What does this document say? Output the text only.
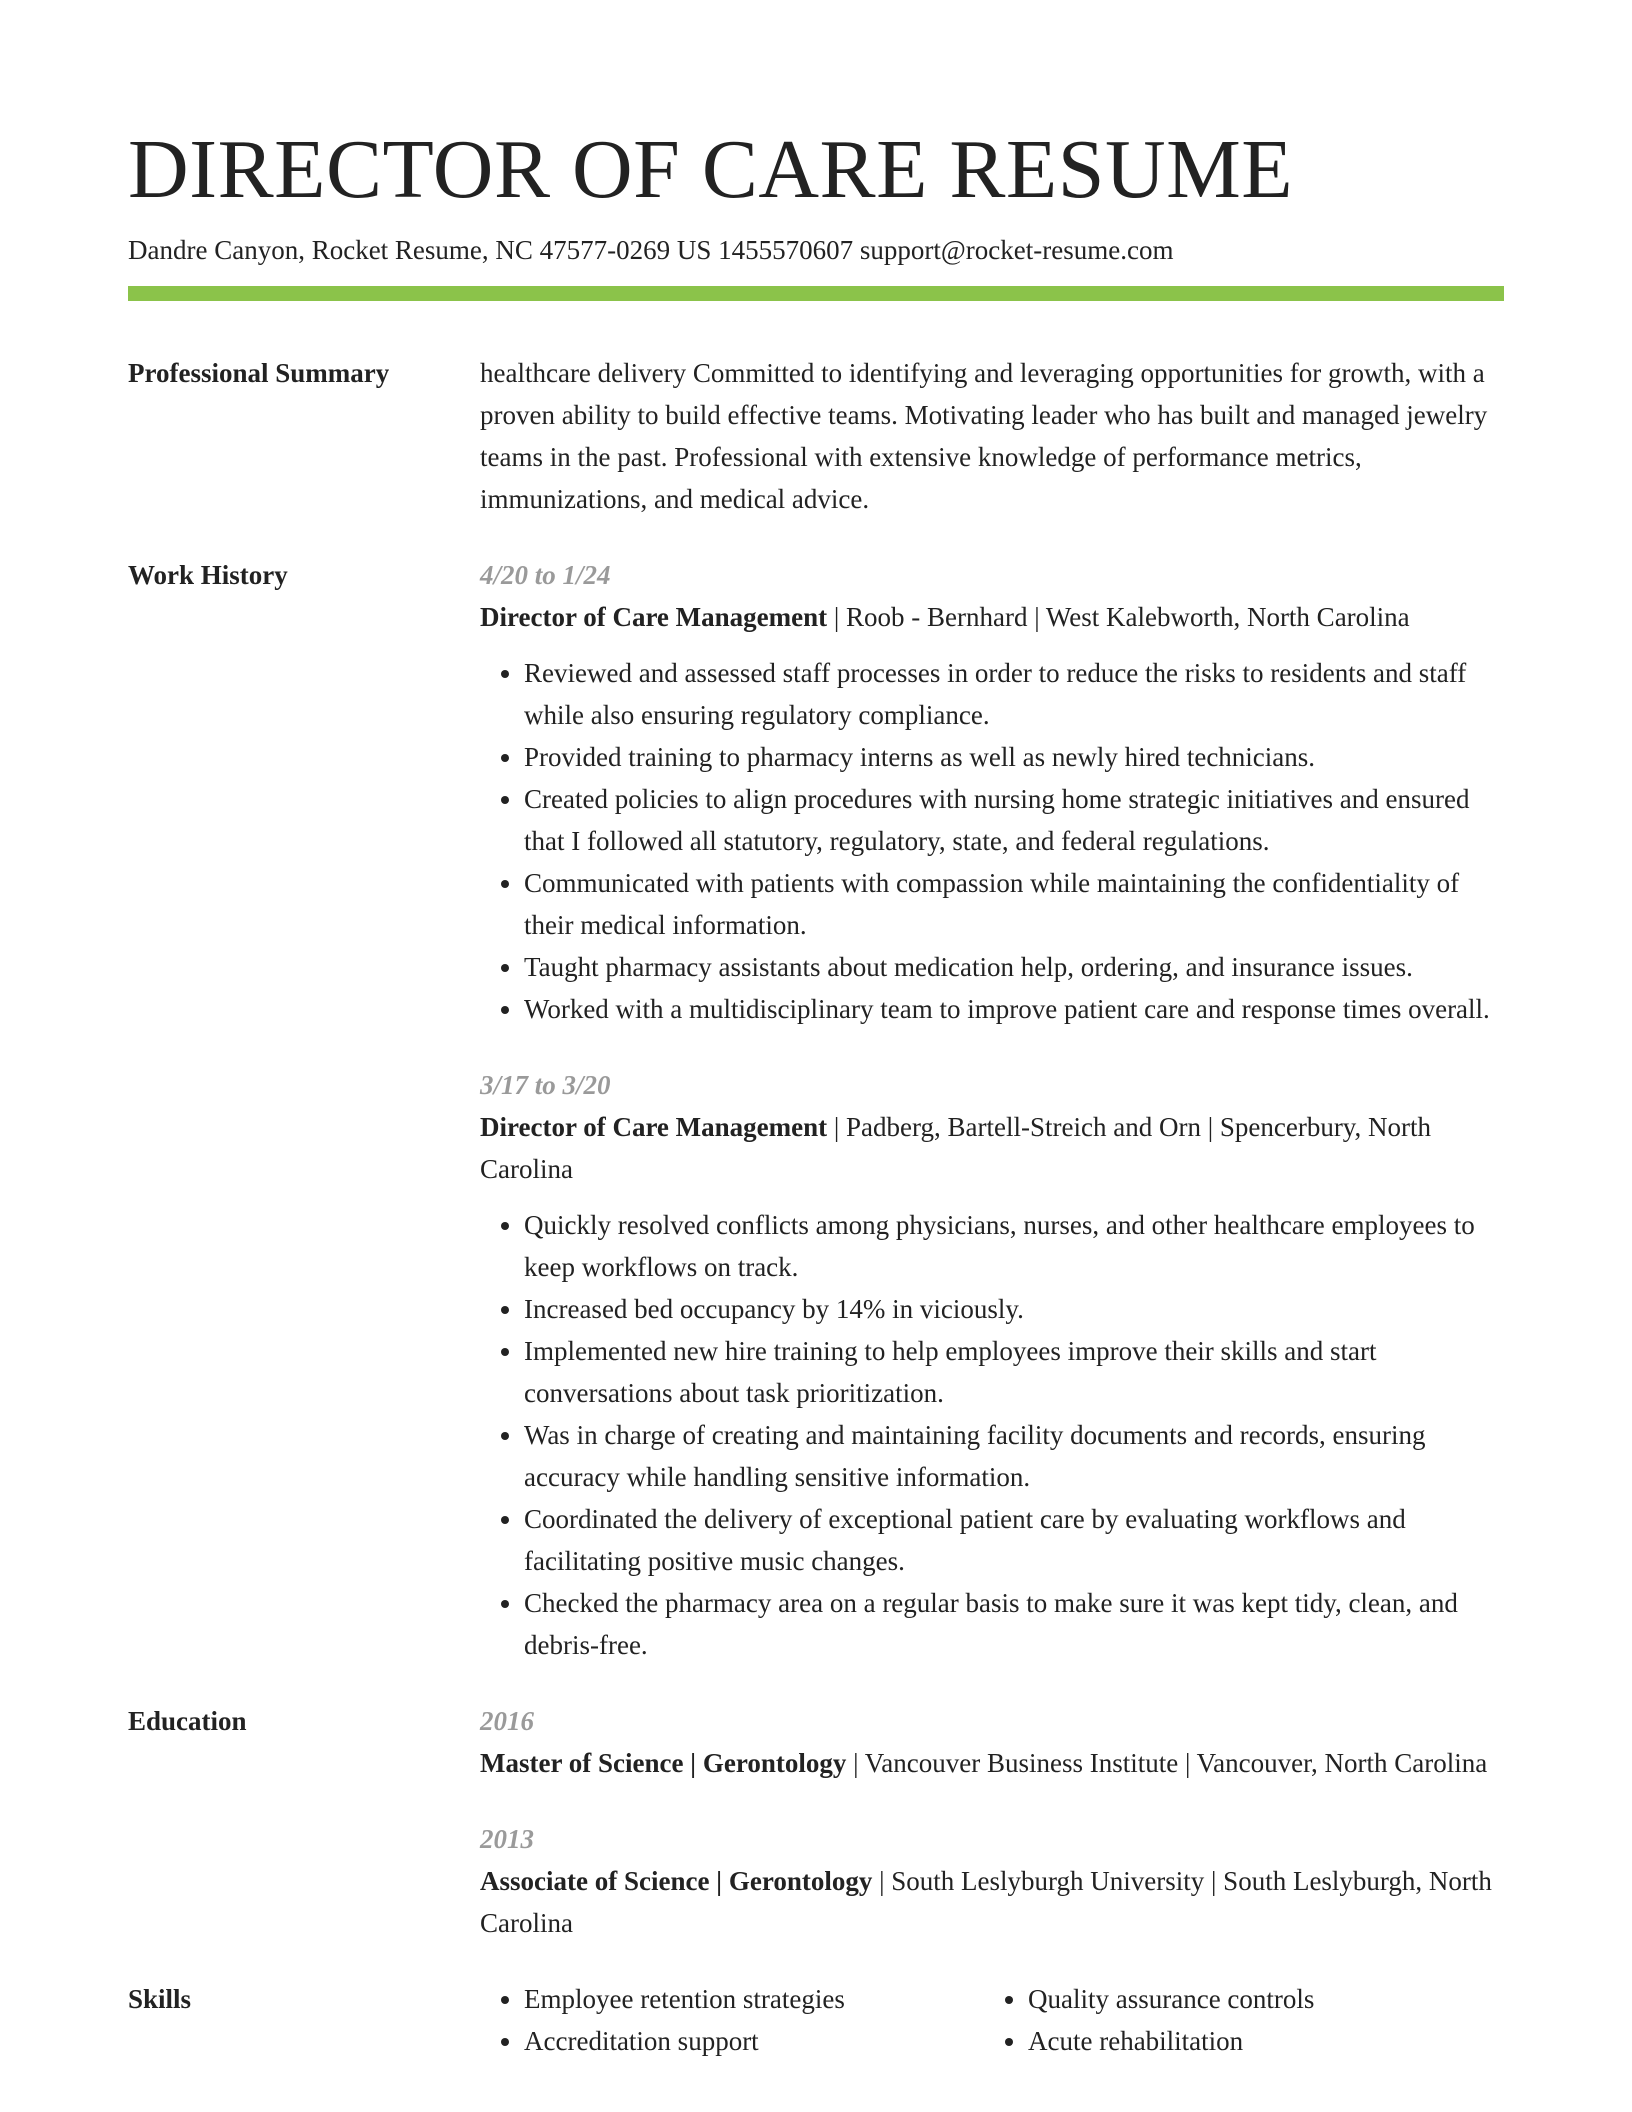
DIRECTOR OF CARE RESUME
Dandre Canyon, Rocket Resume, NC 47577-0269 US 1455570607 support@rocket-resume.com
Professional Summary	healthcare delivery Committed to identifying and leveraging opportunities for growth, with a proven ability to build effective teams. Motivating leader who has built and managed jewelry teams in the past. Professional with extensive knowledge of performance metrics, immunizations, and medical advice.

Work History	4/20 to 1/24
Director of Care Management | Roob - Bernhard | West Kalebworth, North Carolina
• Reviewed and assessed staff processes in order to reduce the risks to residents and staff while also ensuring regulatory compliance.
• Provided training to pharmacy interns as well as newly hired technicians.
• Created policies to align procedures with nursing home strategic initiatives and ensured that I followed all statutory, regulatory, state, and federal regulations.
• Communicated with patients with compassion while maintaining the confidentiality of their medical information.
• Taught pharmacy assistants about medication help, ordering, and insurance issues.
• Worked with a multidisciplinary team to improve patient care and response times overall.
3/17 to 3/20
Director of Care Management | Padberg, Bartell-Streich and Orn | Spencerbury, North Carolina
• Quickly resolved conflicts among physicians, nurses, and other healthcare employees to keep workflows on track.
• Increased bed occupancy by 14% in viciously.
• Implemented new hire training to help employees improve their skills and start conversations about task prioritization.
• Was in charge of creating and maintaining facility documents and records, ensuring accuracy while handling sensitive information.
• Coordinated the delivery of exceptional patient care by evaluating workflows and facilitating positive music changes.
• Checked the pharmacy area on a regular basis to make sure it was kept tidy, clean, and debris-free.
Education	2016
Master of Science | Gerontology | Vancouver Business Institute | Vancouver, North Carolina
2013
Associate of Science | Gerontology | South Leslyburgh University | South Leslyburgh, North Carolina
Skills
•	Employee retention strategies
• Accreditation support
• Quality assurance controls
• Acute rehabilitation
